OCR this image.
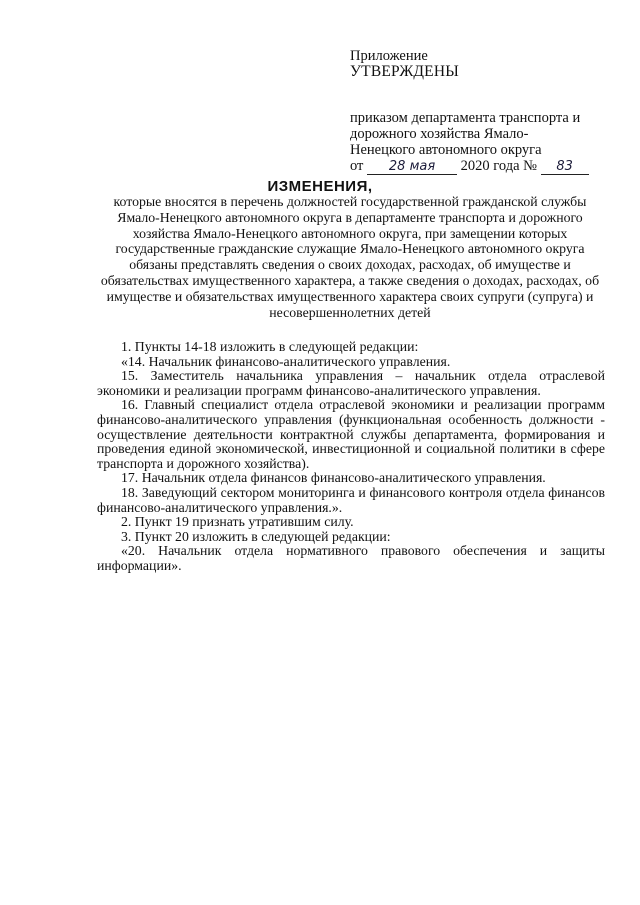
Приложение
УТВЕРЖДЕНЫ
приказом департамента транспорта и
дорожного хозяйства Ямало-
Ненецкого автономного округа
от 28 мая 2020 года № 83
ИЗМЕНЕНИЯ,
которые вносятся в перечень должностей государственной гражданской службы Ямало-Ненецкого автономного округа в департаменте транспорта и дорожного хозяйства Ямало-Ненецкого автономного округа, при замещении которых государственные гражданские служащие Ямало-Ненецкого автономного округа обязаны представлять сведения о своих доходах, расходах, об имуществе и обязательствах имущественного характера, а также сведения о доходах, расходах, об имуществе и обязательствах имущественного характера своих супруги (супруга) и несовершеннолетних детей

1. Пункты 14-18 изложить в следующей редакции:

«14. Начальник финансово-аналитического управления.

15. Заместитель начальника управления – начальник отдела отраслевой экономики и реализации программ финансово-аналитического управления.

16. Главный специалист отдела отраслевой экономики и реализации программ финансово-аналитического управления (функциональная особенность должности - осуществление деятельности контрактной службы департамента, формирования и проведения единой экономической, инвестиционной и социальной политики в сфере транспорта и дорожного хозяйства).

17. Начальник отдела финансов финансово-аналитического управления.

18. Заведующий сектором мониторинга и финансового контроля отдела финансов финансово-аналитического управления.».

2. Пункт 19 признать утратившим силу.

3. Пункт 20 изложить в следующей редакции:

«20. Начальник отдела нормативного правового обеспечения и защиты информации».
